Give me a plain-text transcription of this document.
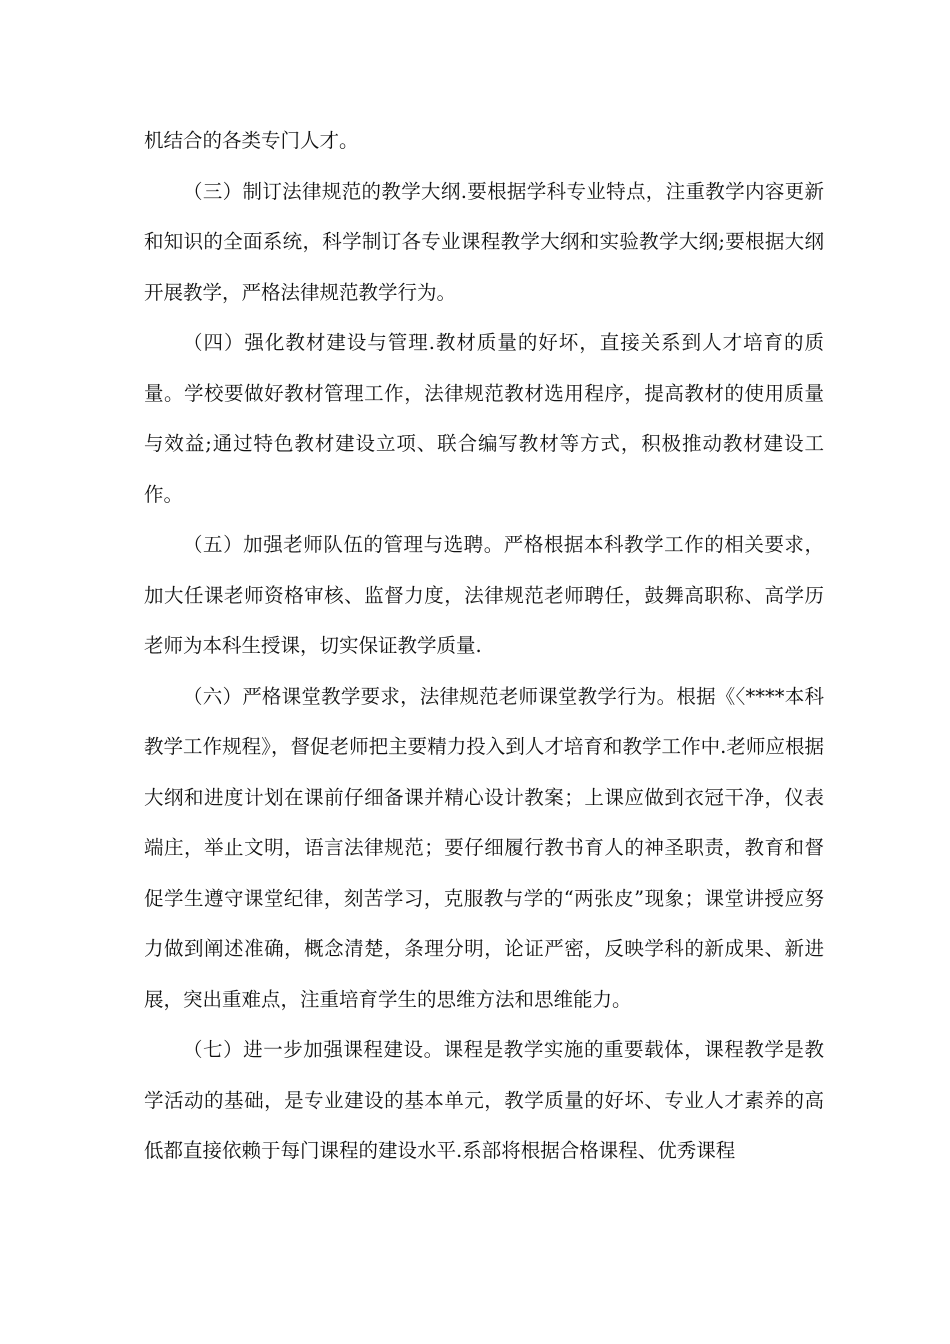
机结合的各类专门人才。

（三）制订法律规范的教学大纲.要根据学科专业特点，注重教学内容更新和知识的全面系统，科学制订各专业课程教学大纲和实验教学大纲;要根据大纲开展教学，严格法律规范教学行为。

（四）强化教材建设与管理.教材质量的好坏，直接关系到人才培育的质量。学校要做好教材管理工作，法律规范教材选用程序，提高教材的使用质量与效益;通过特色教材建设立项、联合编写教材等方式，积极推动教材建设工作。

（五）加强老师队伍的管理与选聘。严格根据本科教学工作的相关要求，加大任课老师资格审核、监督力度，法律规范老师聘任，鼓舞高职称、高学历老师为本科生授课，切实保证教学质量.

（六）严格课堂教学要求，法律规范老师课堂教学行为。根据《〈****本科教学工作规程》，督促老师把主要精力投入到人才培育和教学工作中.老师应根据大纲和进度计划在课前仔细备课并精心设计教案；上课应做到衣冠干净，仪表端庄，举止文明，语言法律规范；要仔细履行教书育人的神圣职责，教育和督促学生遵守课堂纪律，刻苦学习，克服教与学的“两张皮”现象；课堂讲授应努力做到阐述准确，概念清楚，条理分明，论证严密，反映学科的新成果、新进展，突出重难点，注重培育学生的思维方法和思维能力。

（七）进一步加强课程建设。课程是教学实施的重要载体，课程教学是教学活动的基础，是专业建设的基本单元，教学质量的好坏、专业人才素养的高低都直接依赖于每门课程的建设水平.系部将根据合格课程、优秀课程
